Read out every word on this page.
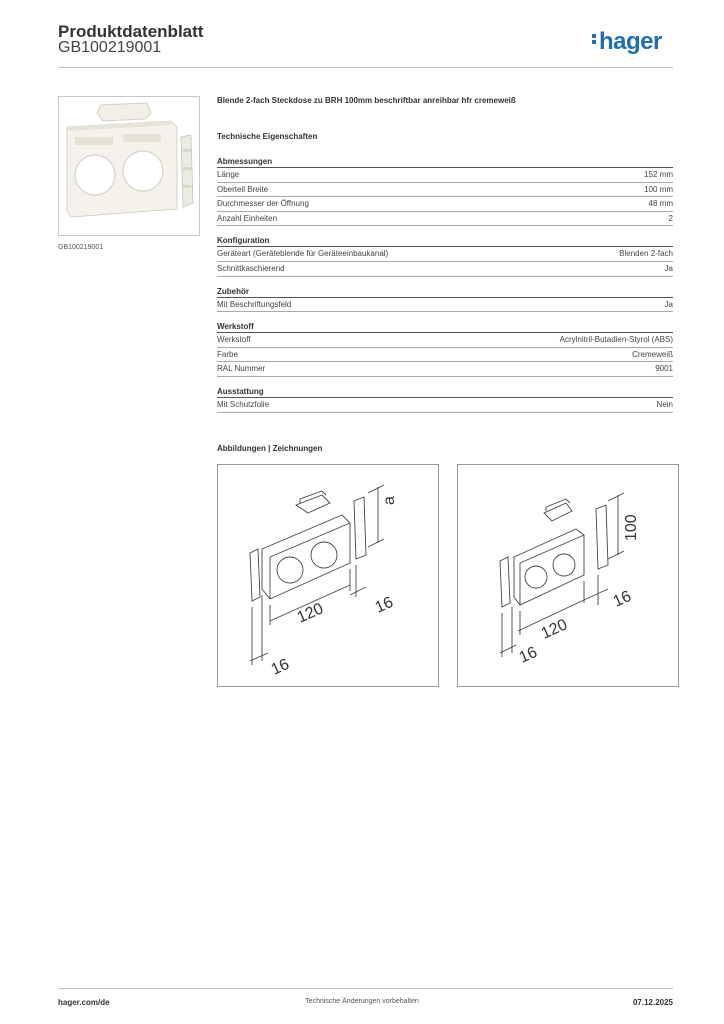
Produktdatenblatt
GB100219001	hager
GB100219001
Blende 2-fach Steckdose zu BRH 100mm beschriftbar anreihbar hfr cremeweiß
Technische Eigenschaften
Abmessungen
Länge	152 mm
Oberteil Breite	100 mm
Durchmesser der Öffnung	48 mm
Anzahl Einheiten	2
Konfiguration
Geräteart (Geräteblende für Geräteeinbaukanal)	Blenden 2-fach
Schnittkaschierend	Ja
Zubehör
Mit Beschriftungsfeld	Ja
Werkstoff
Werkstoff	Acrylnitril-Butadien-Styrol (ABS)
Farbe	Cremeweiß
RAL Nummer	9001
Ausstattung
Mit Schutzfolie	Nein
Abbildungen | Zeichnungen
a
120	16
16
100
120
16
16
hager.com/de	Technische Änderungen vorbehalten	07.12.2025
